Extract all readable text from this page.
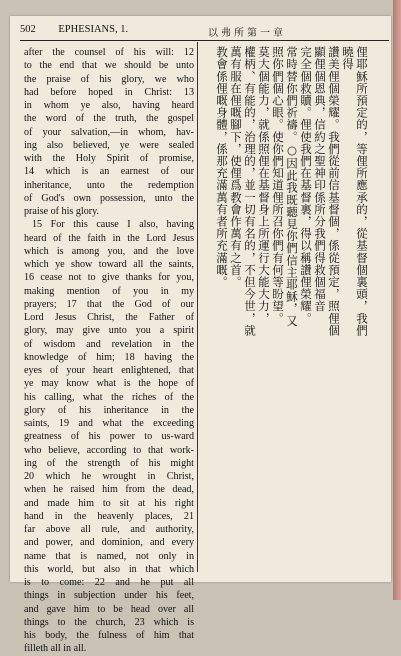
502 EPHESIANS, 1.	以弗所第一章
after the counsel of his will: 12
to the end that we should be unto
the praise of his glory, we who
had before hoped in Christ: 13
in whom ye also, having heard
the word of the truth, the gospel
of your salvation,—in whom, hav-
ing also believed, ye were sealed
with the Holy Spirit of promise,
14 which is an earnest of our
inheritance, unto the redemption
of God's own possession, unto the
praise of his glory.
15 For this cause I also, having
heard of the faith in the Lord Jesus
which is among you, and the love
which ye show toward all the saints,
16 cease not to give thanks for you,
making mention of you in my
prayers; 17 that the God of our
Lord Jesus Christ, the Father of
glory, may give unto you a spirit
of wisdom and revelation in the
knowledge of him; 18 having the
eyes of your heart enlightened, that
ye may know what is the hope of
his calling, what the riches of the
glory of his inheritance in the
saints, 19 and what the exceeding
greatness of his power to us-ward
who believe, according to that work-
ing of the strength of his might
20 which he wrought in Christ,
when he raised him from the dead,
and made him to sit at his right
hand in the heavenly places, 21
far above all rule, and authority,
and power, and dominion, and every
name that is named, not only in
this world, but also in that which
is to come: 22 and he put all
things in subjection under his feet,
and gave him to be head over all
things to the church, 23 which is
his body, the fulness of him that
filleth all in all.
俚耶穌所預定的，等俚所應承的，從基督個裏頭，我們曉得
讚美俚個榮耀。我們從前信基督個，係從預定，照俚個
顯俚個恩典，信約之聖神印係所分我們得救個福音
完全個救贖。俚使我們在基督裏，得以稱讚俚榮耀。
常時替你們祈禱。○因此我既聽見你們信主耶穌，又
照你們個心眼。使你們知道俚所召你們有何等盼望。
莫大個能力，就係照俚在基督身上所運行大能大力，
權柄、有能的，治理的，並一切有名的，不但今世，就
萬有服在俚嘅腳下，使俚爲教會作萬有之首。
教會係俚嘅身體，係那充滿萬有者所充滿嘅。
